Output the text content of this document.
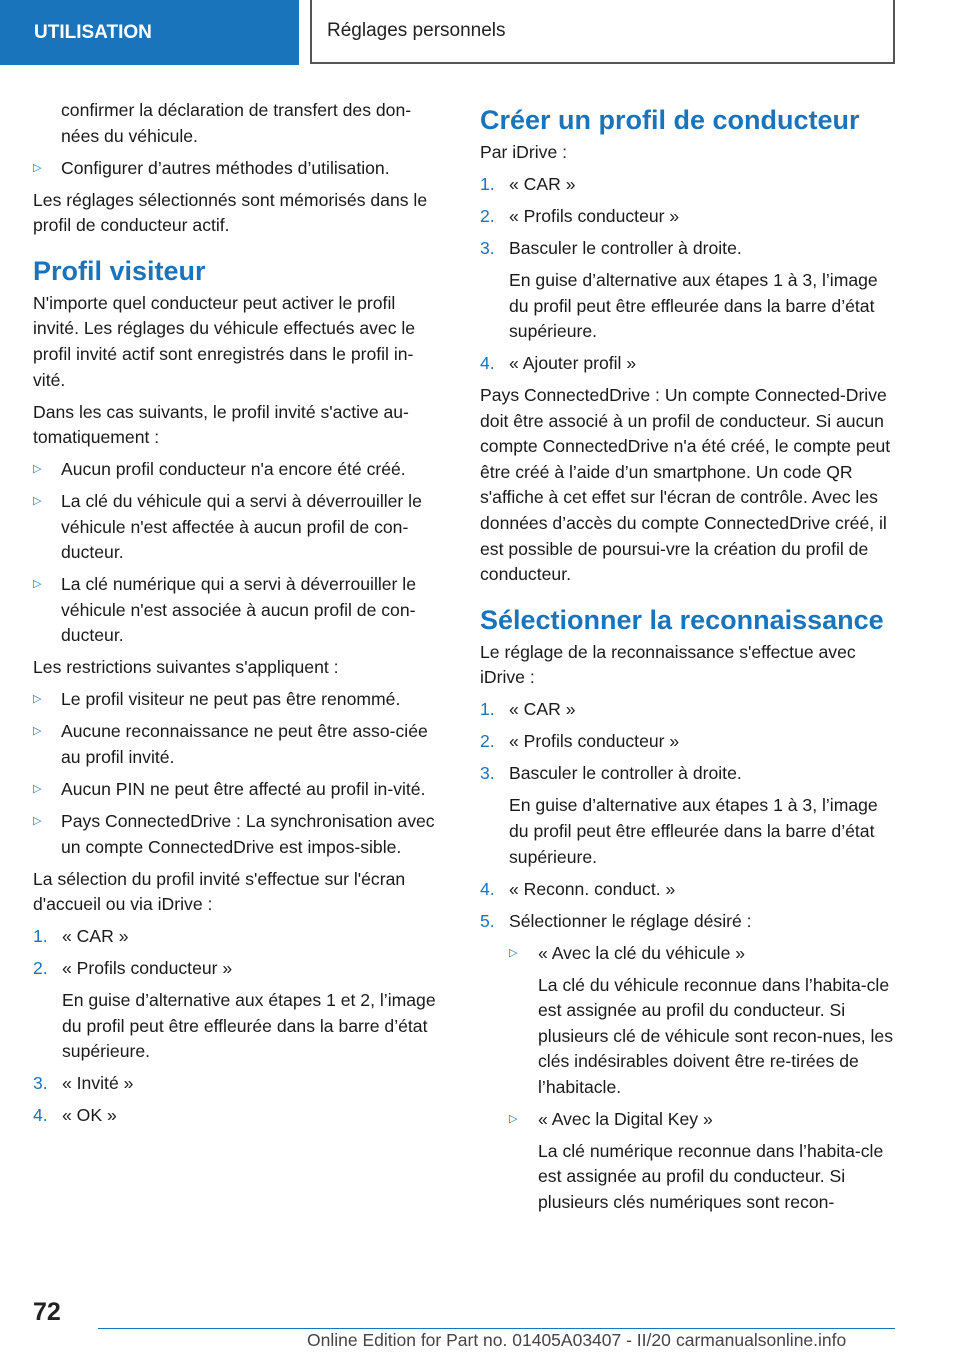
UTILISATION	Réglages personnels
confirmer la déclaration de transfert des don-nées du véhicule.
▷ Configurer d’autres méthodes d’utilisation.

Les réglages sélectionnés sont mémorisés dans le profil de conducteur actif.

Profil visiteur

N'importe quel conducteur peut activer le profil invité. Les réglages du véhicule effectués avec le profil invité actif sont enregistrés dans le profil in-vité.

Dans les cas suivants, le profil invité s'active au-tomatiquement :

▷ Aucun profil conducteur n'a encore été créé.
▷ La clé du véhicule qui a servi à déverrouiller le véhicule n'est affectée à aucun profil de con-ducteur.
▷ La clé numérique qui a servi à déverrouiller le véhicule n'est associée à aucun profil de con-ducteur.

Les restrictions suivantes s'appliquent :

▷ Le profil visiteur ne peut pas être renommé.
▷ Aucune reconnaissance ne peut être asso-ciée au profil invité.
▷ Aucun PIN ne peut être affecté au profil in-vité.
▷ Pays ConnectedDrive : La synchronisation avec un compte ConnectedDrive est impos-sible.

La sélection du profil invité s'effectue sur l'écran d'accueil ou via iDrive :

1. « CAR »
2. « Profils conducteur »
En guise d’alternative aux étapes 1 et 2, l’image du profil peut être effleurée dans la barre d’état supérieure.
3. « Invité »
4. « OK »
Créer un profil de conducteur

Par iDrive :

1. « CAR »
2. « Profils conducteur »
3. Basculer le controller à droite.
En guise d’alternative aux étapes 1 à 3, l’image du profil peut être effleurée dans la barre d’état supérieure.
4. « Ajouter profil »

Pays ConnectedDrive : Un compte Connected-Drive doit être associé à un profil de conducteur. Si aucun compte ConnectedDrive n'a été créé, le compte peut être créé à l’aide d’un smartphone. Un code QR s'affiche à cet effet sur l'écran de contrôle. Avec les données d’accès du compte ConnectedDrive créé, il est possible de poursui-vre la création du profil de conducteur.

Sélectionner la reconnaissance

Le réglage de la reconnaissance s'effectue avec iDrive :

1. « CAR »
2. « Profils conducteur »
3. Basculer le controller à droite.
En guise d’alternative aux étapes 1 à 3, l’image du profil peut être effleurée dans la barre d’état supérieure.
4. « Reconn. conduct. »
5. Sélectionner le réglage désiré :
▷ « Avec la clé du véhicule »
La clé du véhicule reconnue dans l’habita-cle est assignée au profil du conducteur. Si plusieurs clé de véhicule sont recon-nues, les clés indésirables doivent être re-tirées de l’habitacle.
▷ « Avec la Digital Key »
La clé numérique reconnue dans l’habita-cle est assignée au profil du conducteur. Si plusieurs clés numériques sont recon-
72
Online Edition for Part no. 01405A03407 - II/20 carmanualsonline.info
